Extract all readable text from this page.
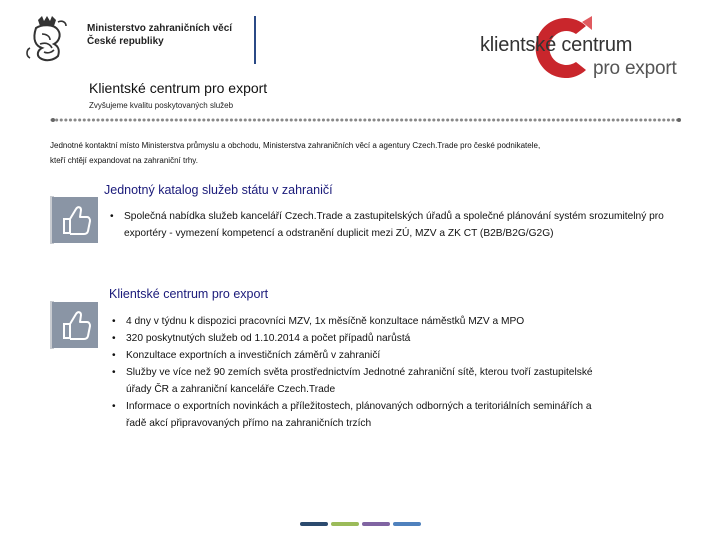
Ministerstvo zahraničních věcí
České republiky	klientské centrum
pro export
Klientské centrum pro export
Zvyšujeme kvalitu poskytovaných služeb
Jednotné kontaktní místo Ministerstva průmyslu a obchodu, Ministerstva zahraničních věcí a agentury Czech.Trade pro české podnikatele,
kteří chtějí expandovat na zahraniční trhy.
Jednotný katalog služeb státu v zahraničí
• Společná nabídka služeb kanceláří Czech.Trade a zastupitelských úřadů a společné plánování systém srozumitelný pro exportéry - vymezení kompetencí a odstranění duplicit mezi ZÚ, MZV a ZK CT (B2B/B2G/G2G)
Klientské centrum pro export
• 4 dny v týdnu k dispozici pracovníci MZV, 1x měsíčně konzultace náměstků MZV a MPO
• 320 poskytnutých služeb od 1.10.2014 a počet případů narůstá
• Konzultace exportních a investičních záměrů v zahraničí
• Služby ve více než 90 zemích světa prostřednictvím Jednotné zahraniční sítě, kterou tvoří zastupitelské úřady ČR a zahraniční kanceláře Czech.Trade
• Informace o exportních novinkách a příležitostech, plánovaných odborných a teritoriálních seminářích a řadě akcí připravovaných přímo na zahraničních trzích
